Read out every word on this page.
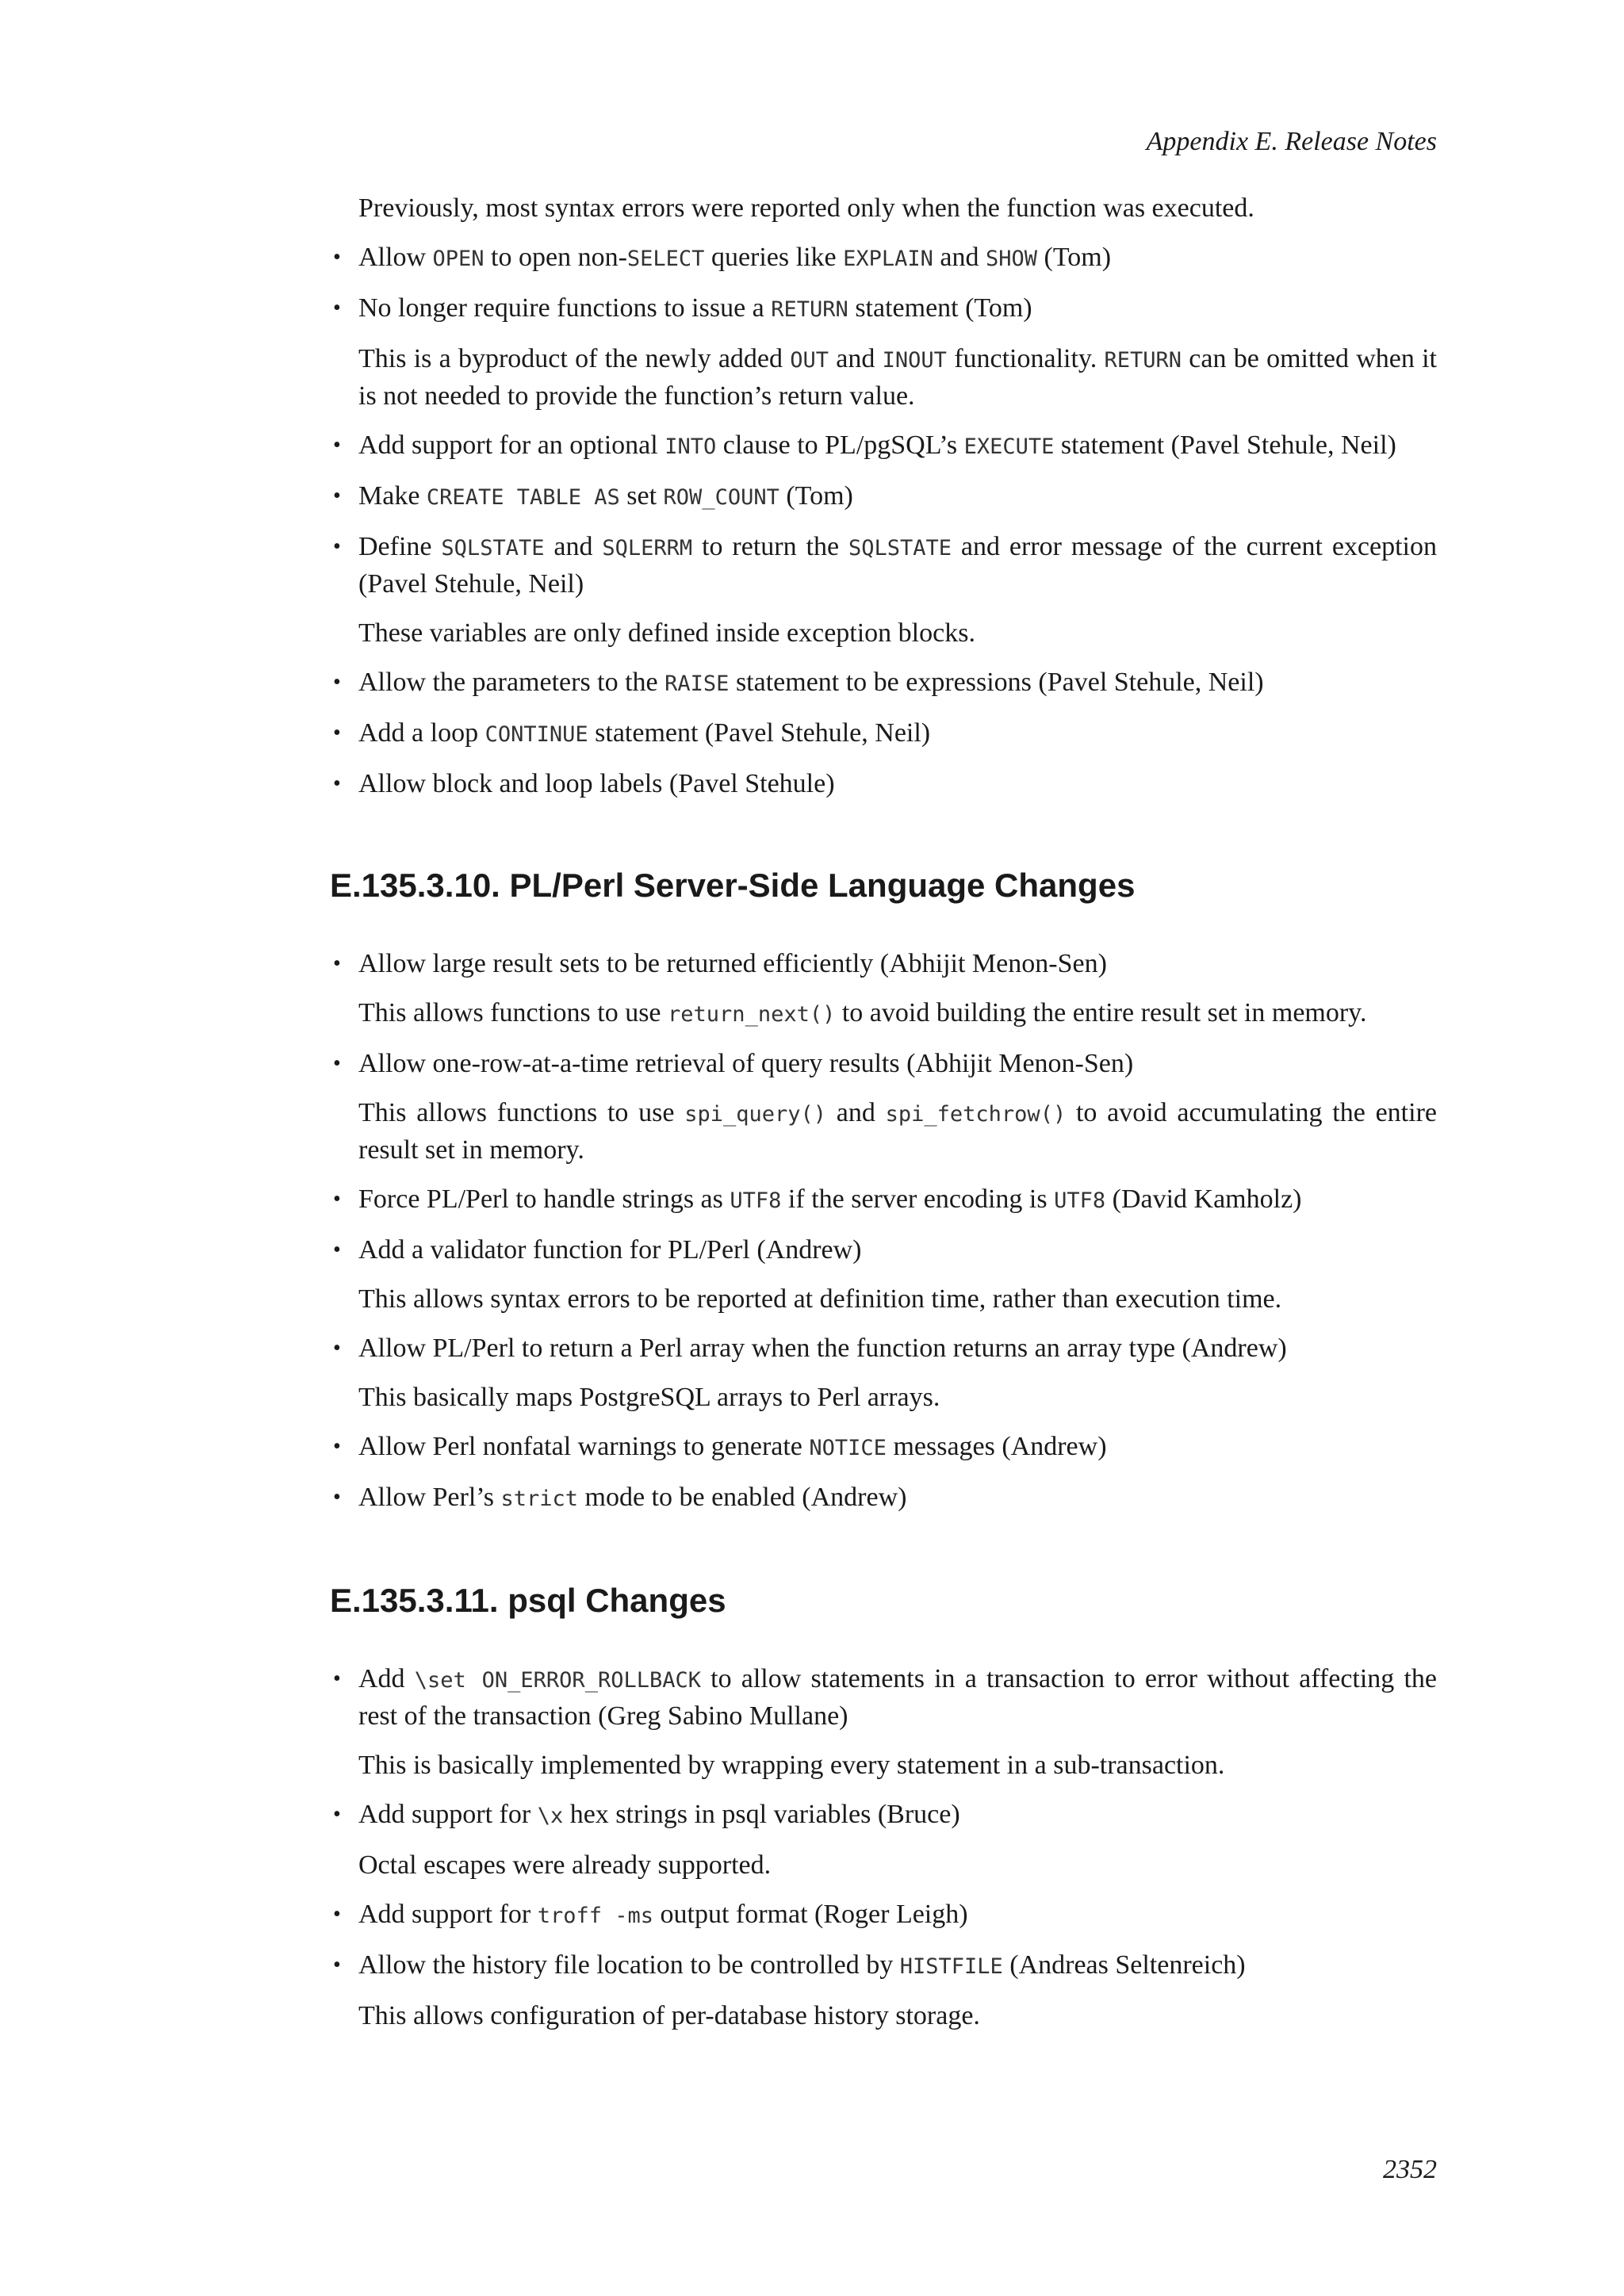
Appendix E. Release Notes

Previously, most syntax errors were reported only when the function was executed.

• Allow OPEN to open non-SELECT queries like EXPLAIN and SHOW (Tom)
• No longer require functions to issue a RETURN statement (Tom)

This is a byproduct of the newly added OUT and INOUT functionality. RETURN can be omitted when it is not needed to provide the function’s return value.

• Add support for an optional INTO clause to PL/pgSQL’s EXECUTE statement (Pavel Stehule, Neil)
• Make CREATE TABLE AS set ROW_COUNT (Tom)
• Define SQLSTATE and SQLERRM to return the SQLSTATE and error message of the current exception (Pavel Stehule, Neil)

These variables are only defined inside exception blocks.

• Allow the parameters to the RAISE statement to be expressions (Pavel Stehule, Neil)
• Add a loop CONTINUE statement (Pavel Stehule, Neil)
• Allow block and loop labels (Pavel Stehule)
E.135.3.10. PL/Perl Server-Side Language Changes
• Allow large result sets to be returned efficiently (Abhijit Menon-Sen)

This allows functions to use return_next() to avoid building the entire result set in memory.

• Allow one-row-at-a-time retrieval of query results (Abhijit Menon-Sen)

This allows functions to use spi_query() and spi_fetchrow() to avoid accumulating the entire result set in memory.

• Force PL/Perl to handle strings as UTF8 if the server encoding is UTF8 (David Kamholz)
• Add a validator function for PL/Perl (Andrew)

This allows syntax errors to be reported at definition time, rather than execution time.

• Allow PL/Perl to return a Perl array when the function returns an array type (Andrew)

This basically maps PostgreSQL arrays to Perl arrays.

• Allow Perl nonfatal warnings to generate NOTICE messages (Andrew)
• Allow Perl’s strict mode to be enabled (Andrew)
E.135.3.11. psql Changes
• Add \set ON_ERROR_ROLLBACK to allow statements in a transaction to error without affecting the rest of the transaction (Greg Sabino Mullane)

This is basically implemented by wrapping every statement in a sub-transaction.

• Add support for \x hex strings in psql variables (Bruce)

Octal escapes were already supported.

• Add support for troff -ms output format (Roger Leigh)
• Allow the history file location to be controlled by HISTFILE (Andreas Seltenreich)

This allows configuration of per-database history storage.

2352
